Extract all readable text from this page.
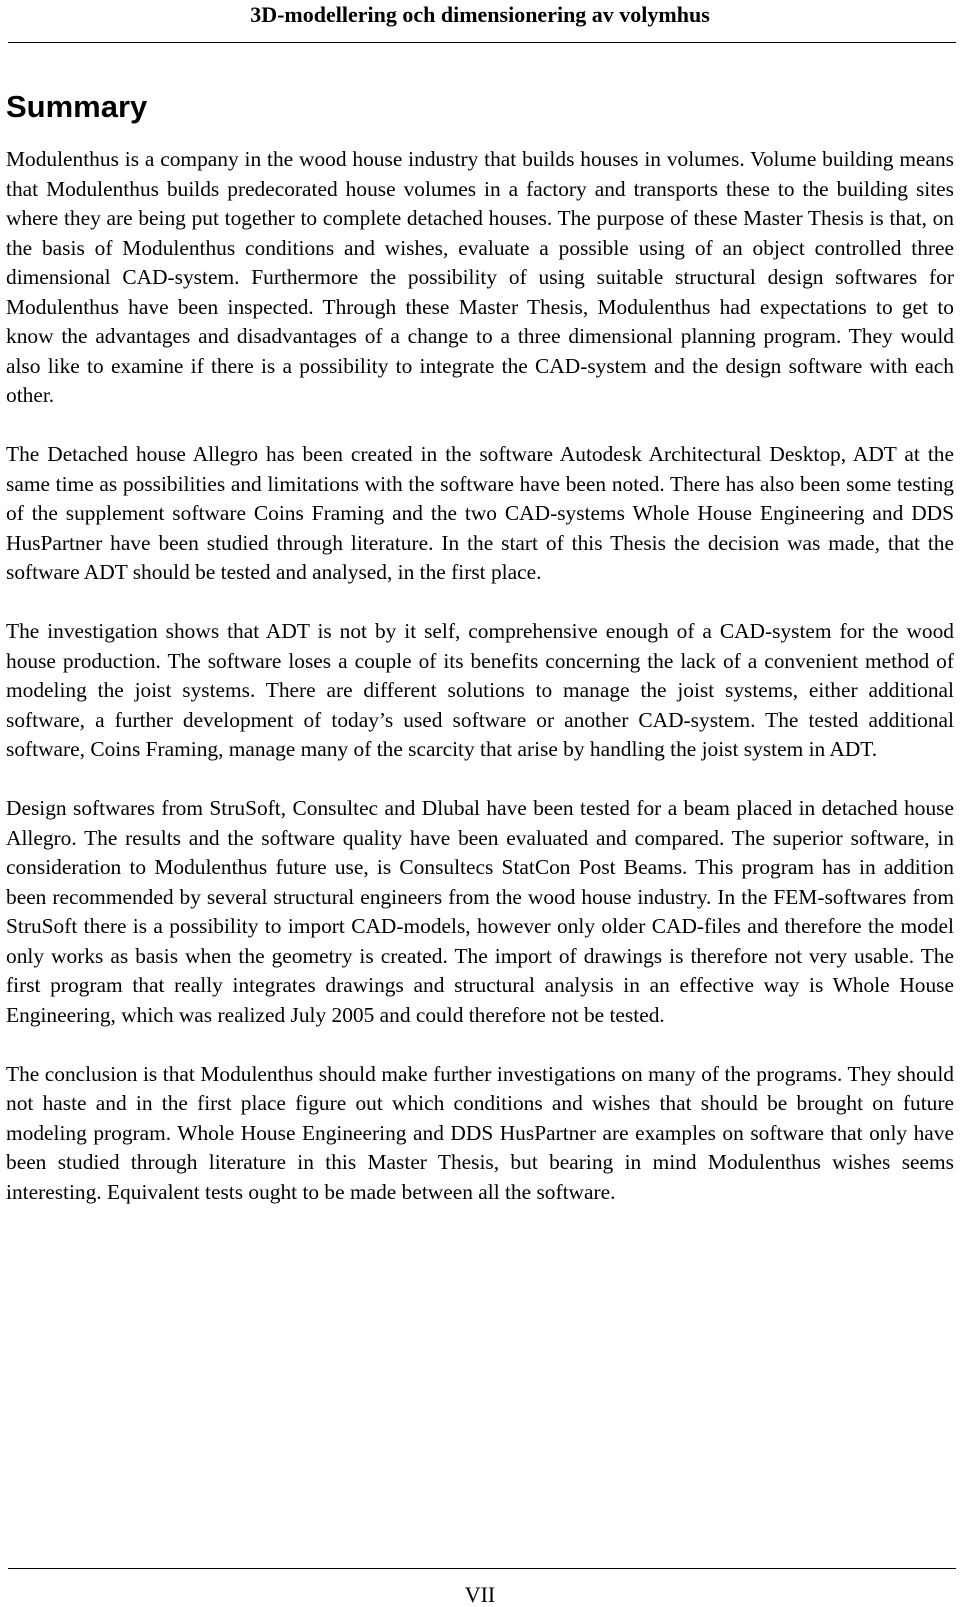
3D-modellering och dimensionering av volymhus
Summary

Modulenthus is a company in the wood house industry that builds houses in volumes. Volume building means that Modulenthus builds predecorated house volumes in a factory and transports these to the building sites where they are being put together to complete detached houses. The purpose of these Master Thesis is that, on the basis of Modulenthus conditions and wishes, evaluate a possible using of an object controlled three dimensional CAD-system. Furthermore the possibility of using suitable structural design softwares for Modulenthus have been inspected. Through these Master Thesis, Modulenthus had expectations to get to know the advantages and disadvantages of a change to a three dimensional planning program. They would also like to examine if there is a possibility to integrate the CAD-system and the design software with each other.

The Detached house Allegro has been created in the software Autodesk Architectural Desktop, ADT at the same time as possibilities and limitations with the software have been noted. There has also been some testing of the supplement software Coins Framing and the two CAD-systems Whole House Engineering and DDS HusPartner have been studied through literature. In the start of this Thesis the decision was made, that the software ADT should be tested and analysed, in the first place.

The investigation shows that ADT is not by it self, comprehensive enough of a CAD-system for the wood house production. The software loses a couple of its benefits concerning the lack of a convenient method of modeling the joist systems. There are different solutions to manage the joist systems, either additional software, a further development of today’s used software or another CAD-system. The tested additional software, Coins Framing, manage many of the scarcity that arise by handling the joist system in ADT.

Design softwares from StruSoft, Consultec and Dlubal have been tested for a beam placed in detached house Allegro. The results and the software quality have been evaluated and compared. The superior software, in consideration to Modulenthus future use, is Consultecs StatCon Post Beams. This program has in addition been recommended by several structural engineers from the wood house industry. In the FEM-softwares from StruSoft there is a possibility to import CAD-models, however only older CAD-files and therefore the model only works as basis when the geometry is created. The import of drawings is therefore not very usable. The first program that really integrates drawings and structural analysis in an effective way is Whole House Engineering, which was realized July 2005 and could therefore not be tested.

The conclusion is that Modulenthus should make further investigations on many of the programs. They should not haste and in the first place figure out which conditions and wishes that should be brought on future modeling program. Whole House Engineering and DDS HusPartner are examples on software that only have been studied through literature in this Master Thesis, but bearing in mind Modulenthus wishes seems interesting. Equivalent tests ought to be made between all the software.

VII
